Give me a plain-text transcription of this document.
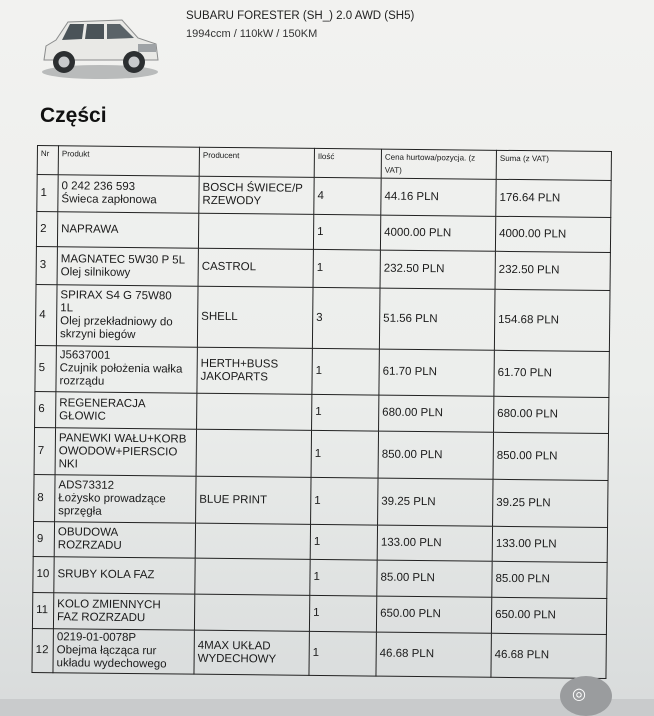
SUBARU FORESTER (SH_) 2.0 AWD (SH5)
1994ccm / 110kW / 150KM
Części
Nr	Produkt	Producent	Ilość	Cena hurtowa/pozycja. (z VAT)	Suma (z VAT)
1	0 242 236 593
Świeca zapłonowa	BOSCH ŚWIECE/P
RZEWODY	4	44.16 PLN	176.64 PLN
2	NAPRAWA		1	4000.00 PLN	4000.00 PLN
3	MAGNATEC 5W30 P 5L
Olej silnikowy	CASTROL	1	232.50 PLN	232.50 PLN
4	SPIRAX S4 G 75W80
1L
Olej przekładniowy do
skrzyni biegów	SHELL	3	51.56 PLN	154.68 PLN
5	J5637001
Czujnik położenia wałka
rozrządu	HERTH+BUSS
JAKOPARTS	1	61.70 PLN	61.70 PLN
6	REGENERACJA
GŁOWIC		1	680.00 PLN	680.00 PLN
7	PANEWKI WAŁU+KORB
OWODOW+PIERSCIO
NKI		1	850.00 PLN	850.00 PLN
8	ADS73312
Łożysko prowadzące
sprzęgła	BLUE PRINT	1	39.25 PLN	39.25 PLN
9	OBUDOWA
ROZRZADU		1	133.00 PLN	133.00 PLN
10	SRUBY KOLA FAZ		1	85.00 PLN	85.00 PLN
11	KOLO ZMIENNYCH
FAZ ROZRZADU		1	650.00 PLN	650.00 PLN
12	0219-01-0078P
Obejma łącząca rur
układu wydechowego	4MAX UKŁAD
WYDECHOWY	1	46.68 PLN	46.68 PLN
◎
